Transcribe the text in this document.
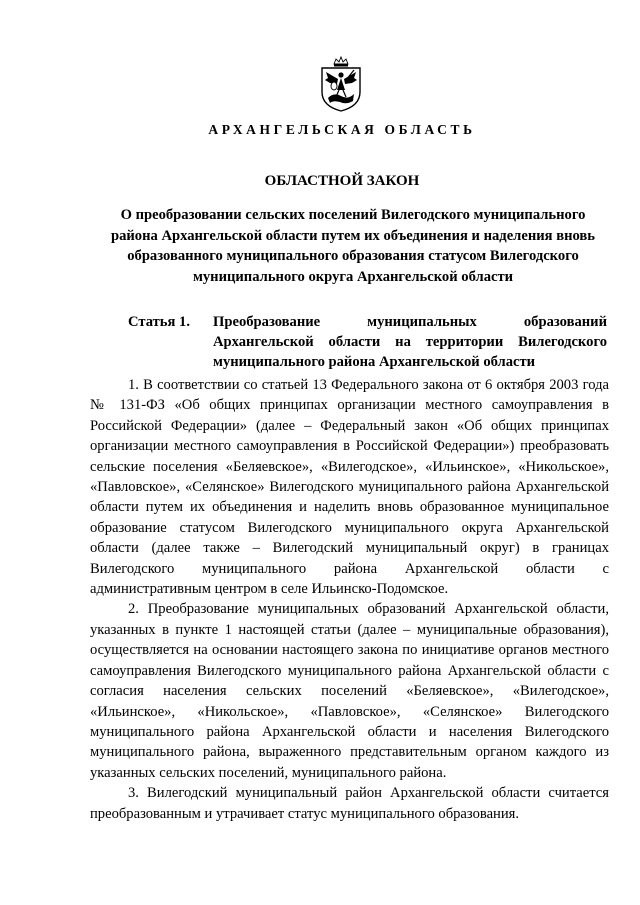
АРХАНГЕЛЬСКАЯ ОБЛАСТЬ
ОБЛАСТНОЙ ЗАКОН
О преобразовании сельских поселений Вилегодского муниципального района Архангельской области путем их объединения и наделения вновь образованного муниципального образования статусом Вилегодского муниципального округа Архангельской области
Статья 1. Преобразование муниципальных образований Архангельской области на территории Вилегодского муниципального района Архангельской области

1. В соответствии со статьей 13 Федерального закона от 6 октября 2003 года № 131-ФЗ «Об общих принципах организации местного самоуправления в Российской Федерации» (далее – Федеральный закон «Об общих принципах организации местного самоуправления в Российской Федерации») преобразовать сельские поселения «Беляевское», «Вилегодское», «Ильинское», «Никольское», «Павловское», «Селянское» Вилегодского муниципального района Архангельской области путем их объединения и наделить вновь образованное муниципальное образование статусом Вилегодского муниципального округа Архангельской области (далее также – Вилегодский муниципальный округ) в границах Вилегодского муниципального района Архангельской области с административным центром в селе Ильинско-Подомское.

2. Преобразование муниципальных образований Архангельской области, указанных в пункте 1 настоящей статьи (далее – муниципальные образования), осуществляется на основании настоящего закона по инициативе органов местного самоуправления Вилегодского муниципального района Архангельской области с согласия населения сельских поселений «Беляевское», «Вилегодское», «Ильинское», «Никольское», «Павловское», «Селянское» Вилегодского муниципального района Архангельской области и населения Вилегодского муниципального района, выраженного представительным органом каждого из указанных сельских поселений, муниципального района.

3. Вилегодский муниципальный район Архангельской области считается преобразованным и утрачивает статус муниципального образования.
